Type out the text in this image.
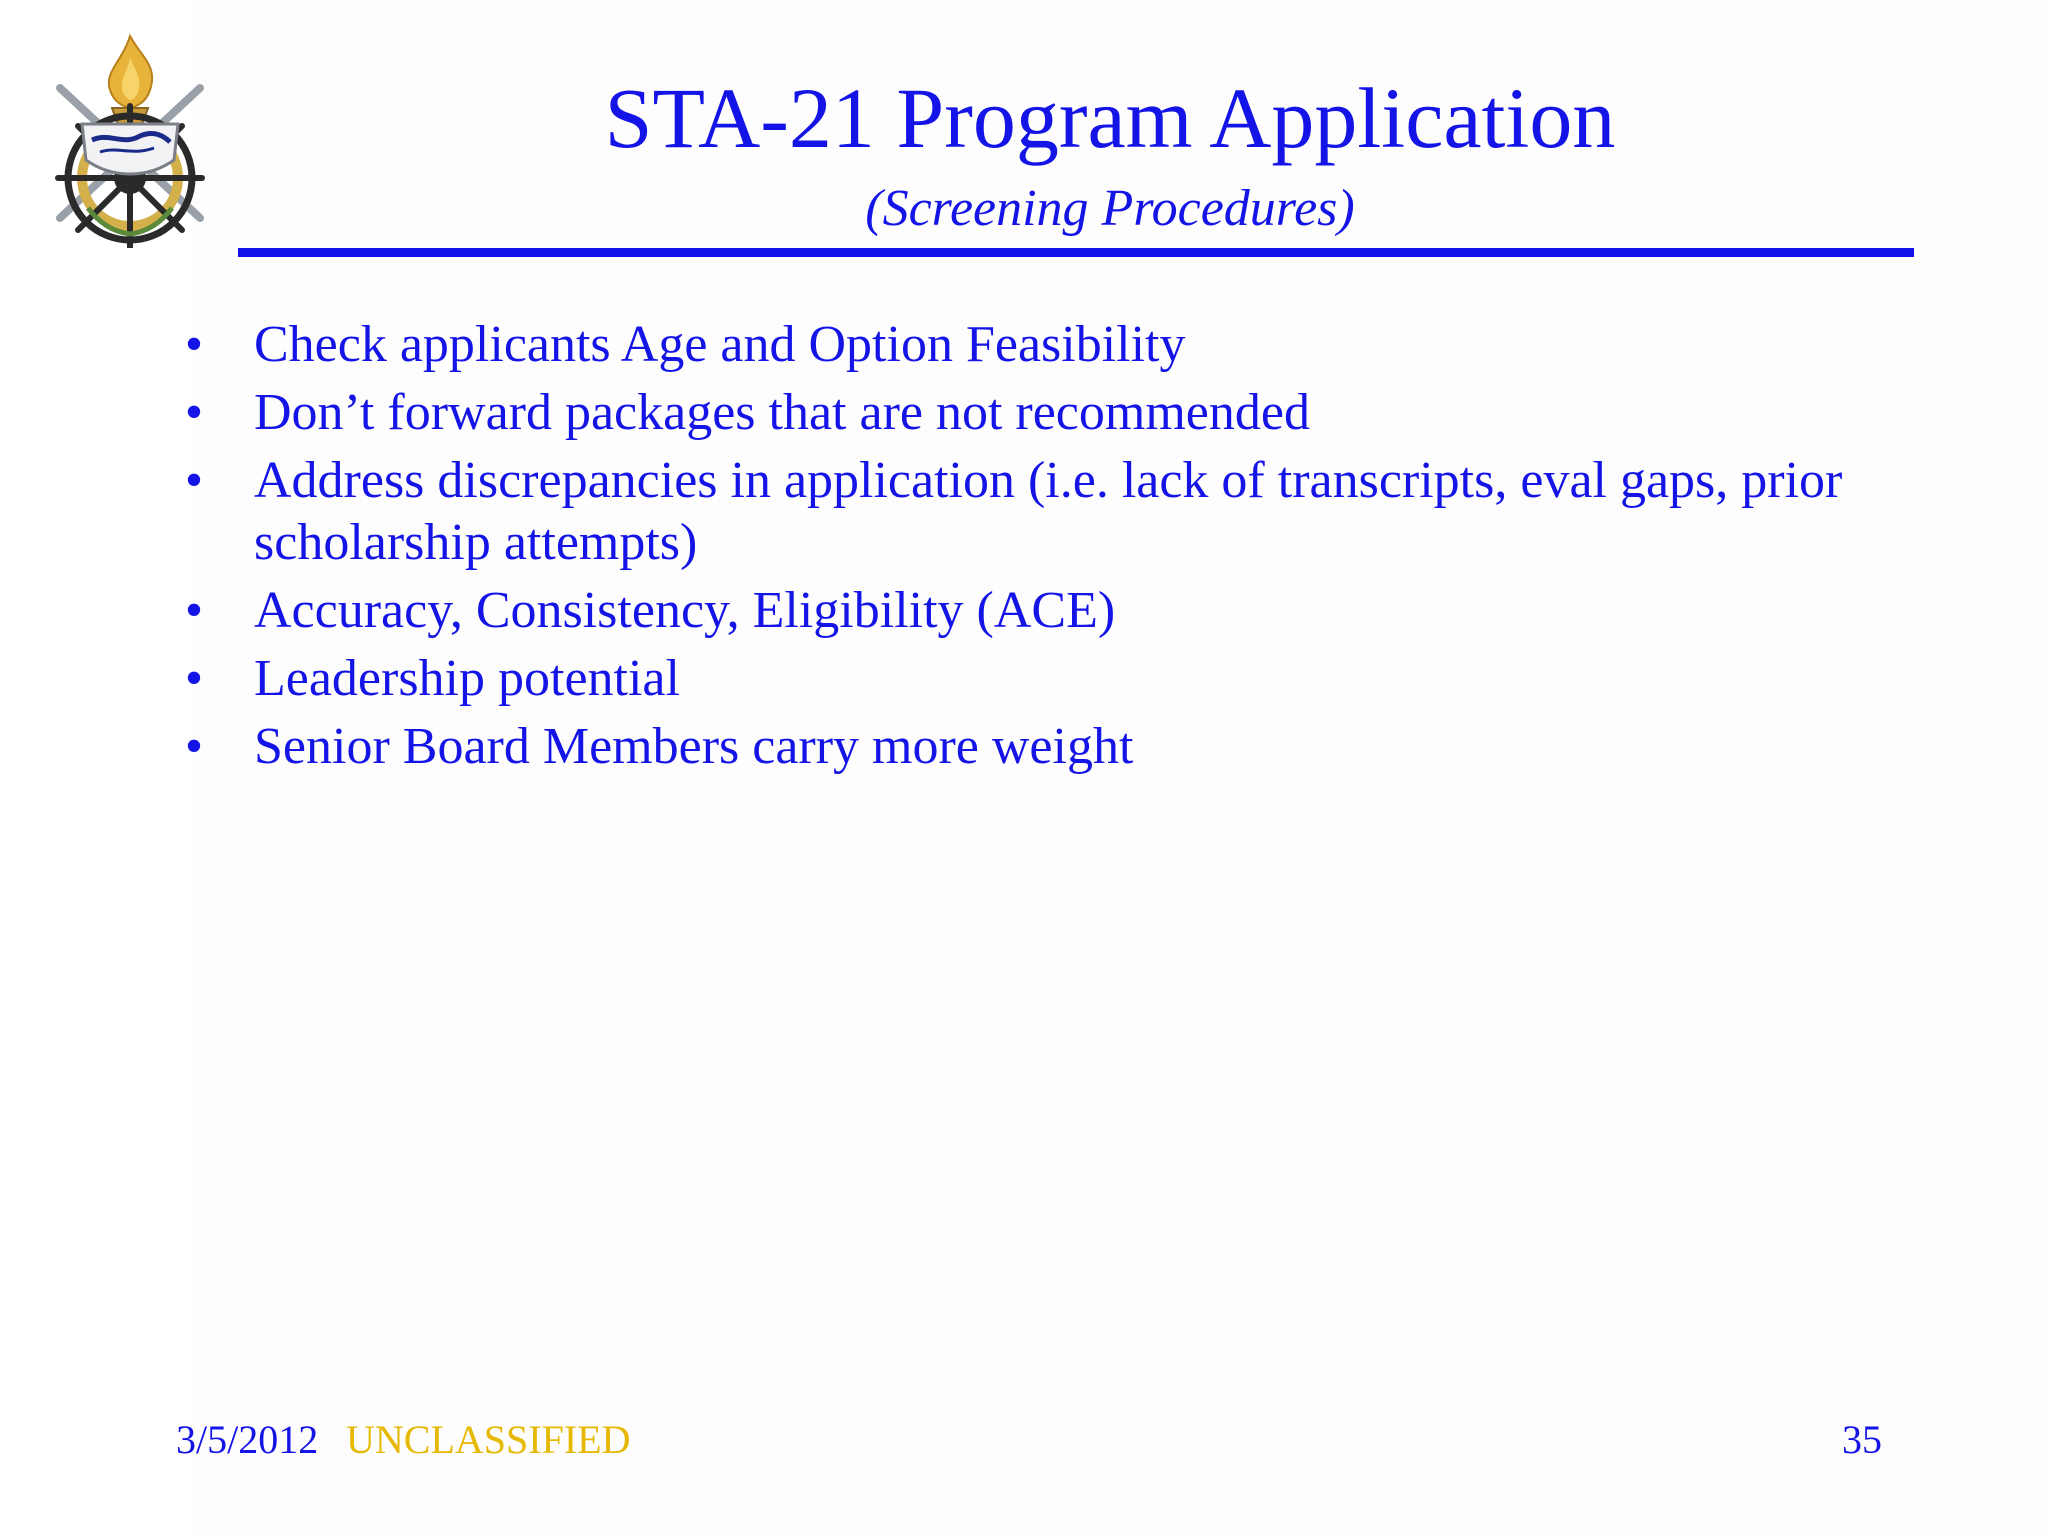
STA-21 Program Application
(Screening Procedures)
• Check applicants Age and Option Feasibility
• Don’t forward packages that are not recommended
• Address discrepancies in application (i.e. lack of transcripts, eval gaps, prior scholarship attempts)
• Accuracy, Consistency, Eligibility (ACE)
• Leadership potential
• Senior Board Members carry more weight
3/5/2012 UNCLASSIFIED	35
